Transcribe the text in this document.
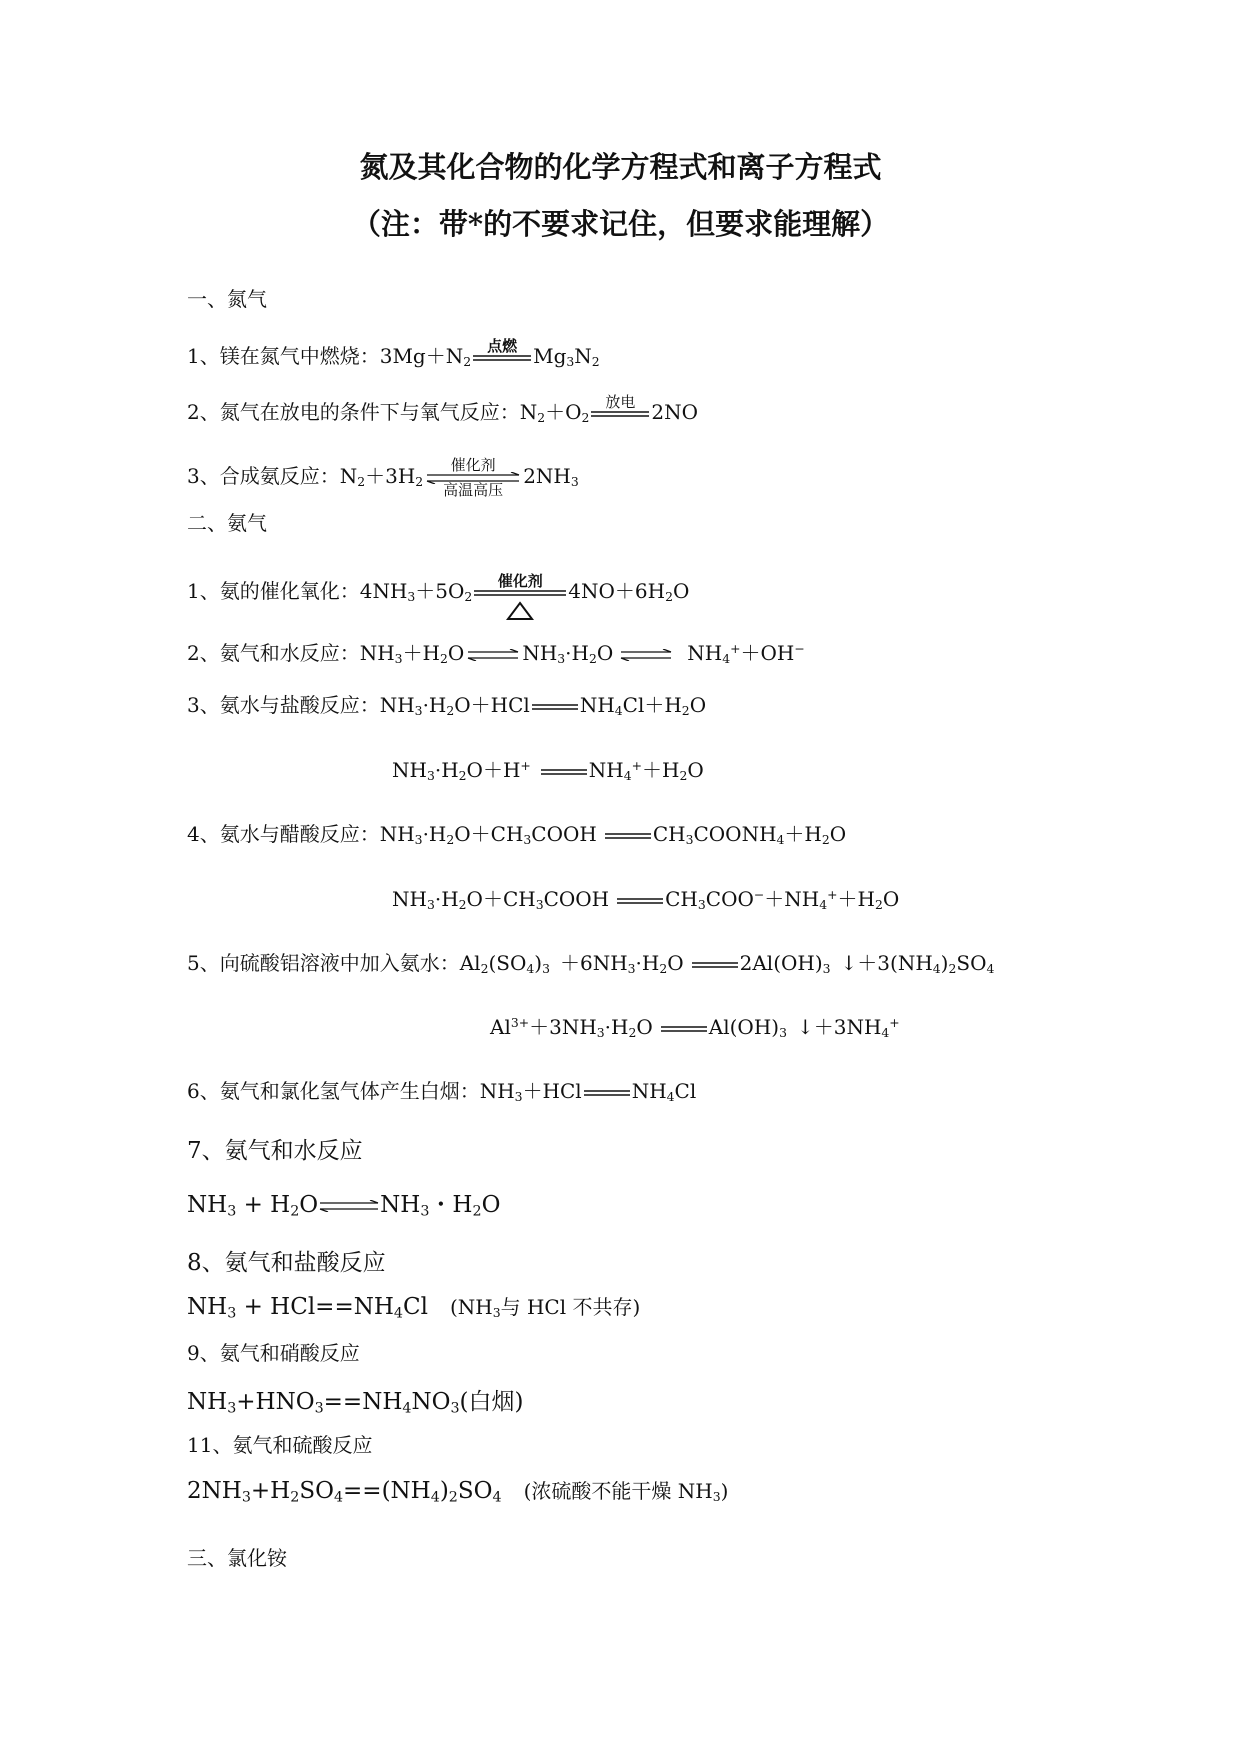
氮及其化合物的化学方程式和离子方程式
（注：带*的不要求记住，但要求能理解）
一、氮气
1、镁在氮气中燃烧：$3Mg+N_2$
点燃 $Mg_3N_2$
2、氮气在放电的条件下与氧气反应：$N_2+O_2$
放电 2NO
3、合成氨反应：$N_2+3H_2$
催化剂
高温高压
$2NH_3$
二、氨气
1、氨的催化氧化：$4NH_3+5O_2$
催化剂	$4NO+6H_2O$
2、氨气和水反应：$NH_3+H_2O$ ⇌ $NH_3\cdot H_2O$ ⇌ $NH_4^++OH^-$
3、氨水与盐酸反应：$NH_3\cdot H_2O+HCl$	$NH_4Cl+H_2O$
$NH_3\cdot H_2O+H^+$	$NH_4^++H_2O$
4、氨水与醋酸反应：$NH_3\cdot H_2O+CH_3COOH$	$CH_3COONH_4+H_2O$
$NH_3\cdot H_2O+CH_3COOH$	$CH_3COO^-+NH_4^++H_2O$
5、向硫酸铝溶液中加入氨水：$Al_2(SO_4)_3 +6NH_3\cdot H_2O$	$2Al(OH)_3$ $↓+3(NH_4)_2SO_4$
$Al^{3+}+3NH_3\cdot H_2O$	$Al(OH)_3$ $↓+3NH_4^+$
6、氨气和氯化氢气体产生白烟：$NH_3+HCl$	$NH_4Cl$
7、氨气和水反应
$NH_3$ + $H_2O\rightleftharpoons NH_3$・$H_2O$
8、氨气和盐酸反应
$NH_3 + HCl==NH_4Cl$ ($NH_3$与 HCl 不共存)
9、氨气和硝酸反应
$NH_3+HNO_3==NH_4NO_3$(白烟)
11、氨气和硫酸反应
$2NH_3+H_2SO_4==(NH_4)_2SO_4$ (浓硫酸不能干燥 $NH_3$)
三、氯化铵
